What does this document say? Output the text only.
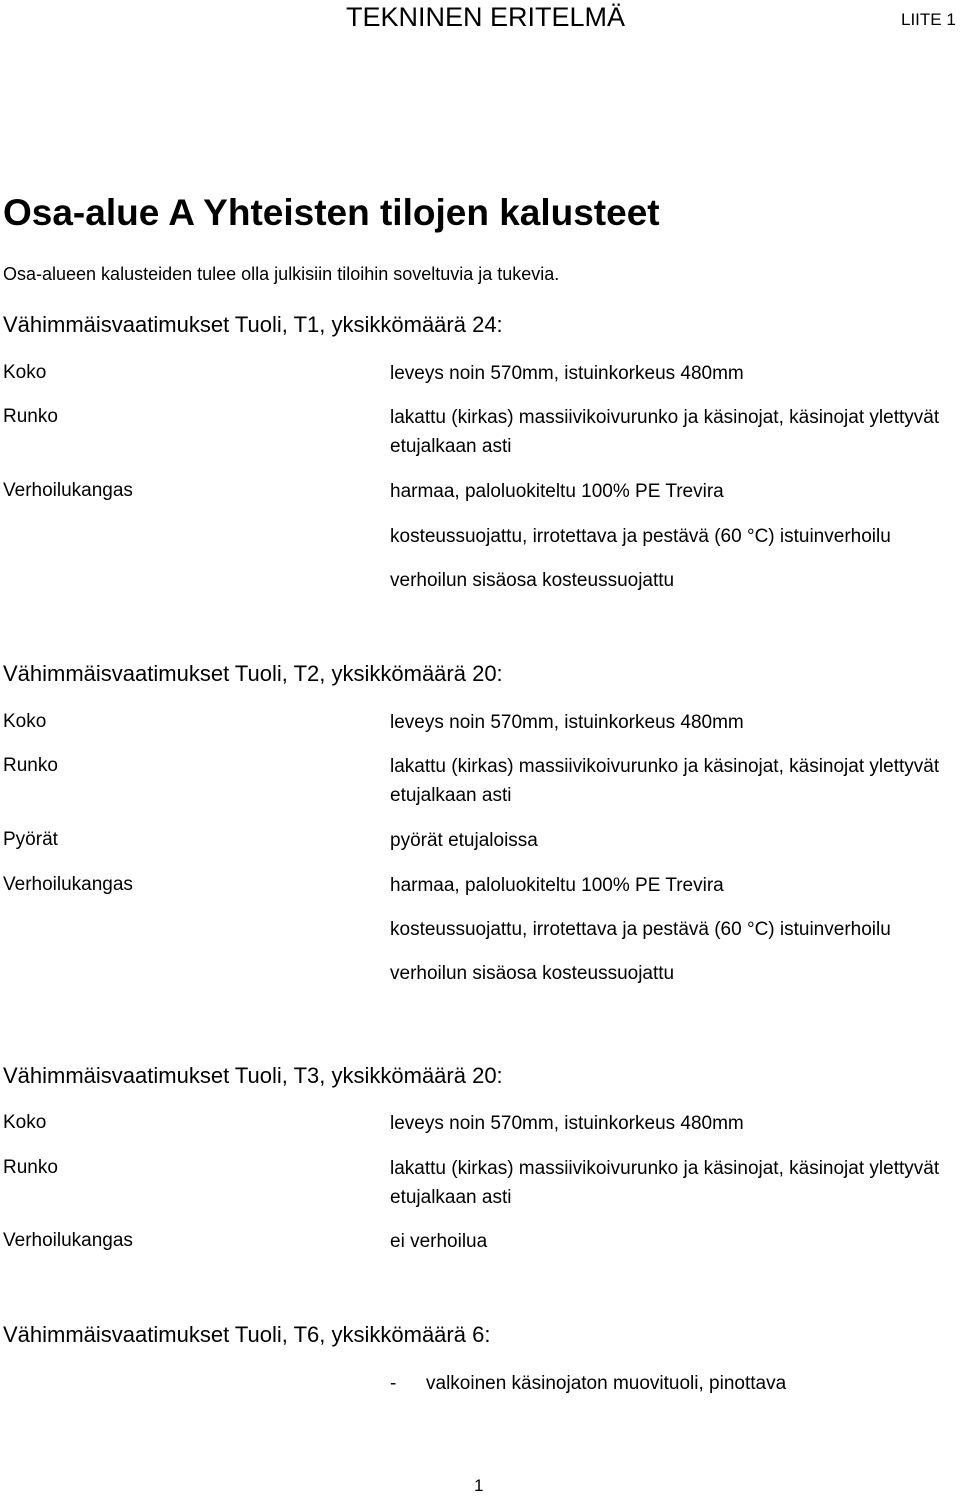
TEKNINEN ERITELMÄ	LIITE 1
Osa-alue A Yhteisten tilojen kalusteet
Osa-alueen kalusteiden tulee olla julkisiin tiloihin soveltuvia ja tukevia.
Vähimmäisvaatimukset Tuoli, T1, yksikkömäärä 24:
Koko	leveys noin 570mm, istuinkorkeus 480mm
Runko	lakattu (kirkas) massiivikoivurunko ja käsinojat, käsinojat ylettyvät etujalkaan asti
Verhoilukangas	harmaa, paloluokiteltu 100% PE Trevira
kosteussuojattu, irrotettava ja pestävä (60 °C) istuinverhoilu
verhoilun sisäosa kosteussuojattu
Vähimmäisvaatimukset Tuoli, T2, yksikkömäärä 20:
Koko	leveys noin 570mm, istuinkorkeus 480mm
Runko	lakattu (kirkas) massiivikoivurunko ja käsinojat, käsinojat ylettyvät etujalkaan asti
Pyörät	pyörät etujaloissa
Verhoilukangas	harmaa, paloluokiteltu 100% PE Trevira
kosteussuojattu, irrotettava ja pestävä (60 °C) istuinverhoilu
verhoilun sisäosa kosteussuojattu
Vähimmäisvaatimukset Tuoli, T3, yksikkömäärä 20:
Koko	leveys noin 570mm, istuinkorkeus 480mm
Runko	lakattu (kirkas) massiivikoivurunko ja käsinojat, käsinojat ylettyvät etujalkaan asti
Verhoilukangas	ei verhoilua
Vähimmäisvaatimukset Tuoli, T6, yksikkömäärä 6:
- valkoinen käsinojaton muovituoli, pinottava
1
